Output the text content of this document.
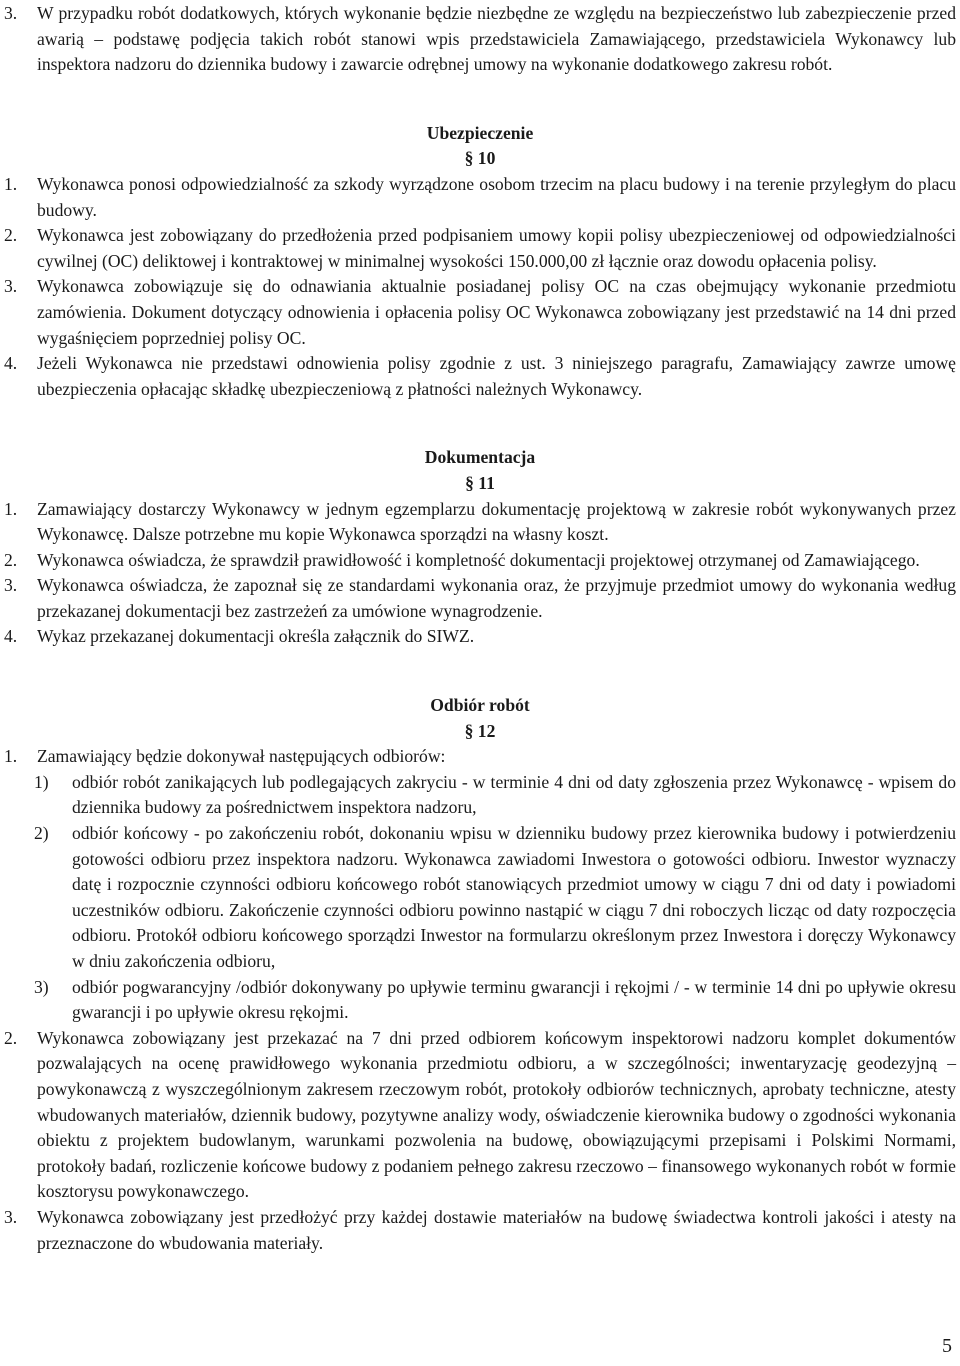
3. W przypadku robót dodatkowych, których wykonanie będzie niezbędne ze względu na bezpieczeństwo lub zabezpieczenie przed awarią – podstawę podjęcia takich robót stanowi wpis przedstawiciela Zamawiającego, przedstawiciela Wykonawcy lub inspektora nadzoru do dziennika budowy i zawarcie odrębnej umowy na wykonanie dodatkowego zakresu robót.
Ubezpieczenie
§ 10
1. Wykonawca ponosi odpowiedzialność za szkody wyrządzone osobom trzecim na placu budowy i na terenie przyległym do placu budowy.
2. Wykonawca jest zobowiązany do przedłożenia przed podpisaniem umowy kopii polisy ubezpieczeniowej od odpowiedzialności cywilnej (OC) deliktowej i kontraktowej w minimalnej wysokości 150.000,00 zł łącznie oraz dowodu opłacenia polisy.
3. Wykonawca zobowiązuje się do odnawiania aktualnie posiadanej polisy OC na czas obejmujący wykonanie przedmiotu zamówienia. Dokument dotyczący odnowienia i opłacenia polisy OC Wykonawca zobowiązany jest przedstawić na 14 dni przed wygaśnięciem poprzedniej polisy OC.
4. Jeżeli Wykonawca nie przedstawi odnowienia polisy zgodnie z ust. 3 niniejszego paragrafu, Zamawiający zawrze umowę ubezpieczenia opłacając składkę ubezpieczeniową z płatności należnych Wykonawcy.
Dokumentacja
§ 11
1. Zamawiający dostarczy Wykonawcy w jednym egzemplarzu dokumentację projektową w zakresie robót wykonywanych przez Wykonawcę. Dalsze potrzebne mu kopie Wykonawca sporządzi na własny koszt.
2. Wykonawca oświadcza, że sprawdził prawidłowość i kompletność dokumentacji projektowej otrzymanej od Zamawiającego.
3. Wykonawca oświadcza, że zapoznał się ze standardami wykonania oraz, że przyjmuje przedmiot umowy do wykonania według przekazanej dokumentacji bez zastrzeżeń za umówione wynagrodzenie.
4. Wykaz przekazanej dokumentacji określa załącznik do SIWZ.
Odbiór robót
§ 12
1. Zamawiający będzie dokonywał następujących odbiorów:
1) odbiór robót zanikających lub podlegających zakryciu - w terminie 4 dni od daty zgłoszenia przez Wykonawcę - wpisem do dziennika budowy za pośrednictwem inspektora nadzoru,
2) odbiór końcowy - po zakończeniu robót, dokonaniu wpisu w dzienniku budowy przez kierownika budowy i potwierdzeniu gotowości odbioru przez inspektora nadzoru. Wykonawca zawiadomi Inwestora o gotowości odbioru. Inwestor wyznaczy datę i rozpocznie czynności odbioru końcowego robót stanowiących przedmiot umowy w ciągu 7 dni od daty i powiadomi uczestników odbioru. Zakończenie czynności odbioru powinno nastąpić w ciągu 7 dni roboczych licząc od daty rozpoczęcia odbioru. Protokół odbioru końcowego sporządzi Inwestor na formularzu określonym przez Inwestora i doręczy Wykonawcy w dniu zakończenia odbioru,
3) odbiór pogwarancyjny /odbiór dokonywany po upływie terminu gwarancji i rękojmi / - w terminie 14 dni po upływie okresu gwarancji i po upływie okresu rękojmi.
2. Wykonawca zobowiązany jest przekazać na 7 dni przed odbiorem końcowym inspektorowi nadzoru komplet dokumentów pozwalających na ocenę prawidłowego wykonania przedmiotu odbioru, a w szczególności; inwentaryzację geodezyjną – powykonawczą z wyszczególnionym zakresem rzeczowym robót, protokoły odbiorów technicznych, aprobaty techniczne, atesty wbudowanych materiałów, dziennik budowy, pozytywne analizy wody, oświadczenie kierownika budowy o zgodności wykonania obiektu z projektem budowlanym, warunkami pozwolenia na budowę, obowiązującymi przepisami i Polskimi Normami, protokoły badań, rozliczenie końcowe budowy z podaniem pełnego zakresu rzeczowo – finansowego wykonanych robót w formie kosztorysu powykonawczego.
3. Wykonawca zobowiązany jest przedłożyć przy każdej dostawie materiałów na budowę świadectwa kontroli jakości i atesty na przeznaczone do wbudowania materiały.
5
